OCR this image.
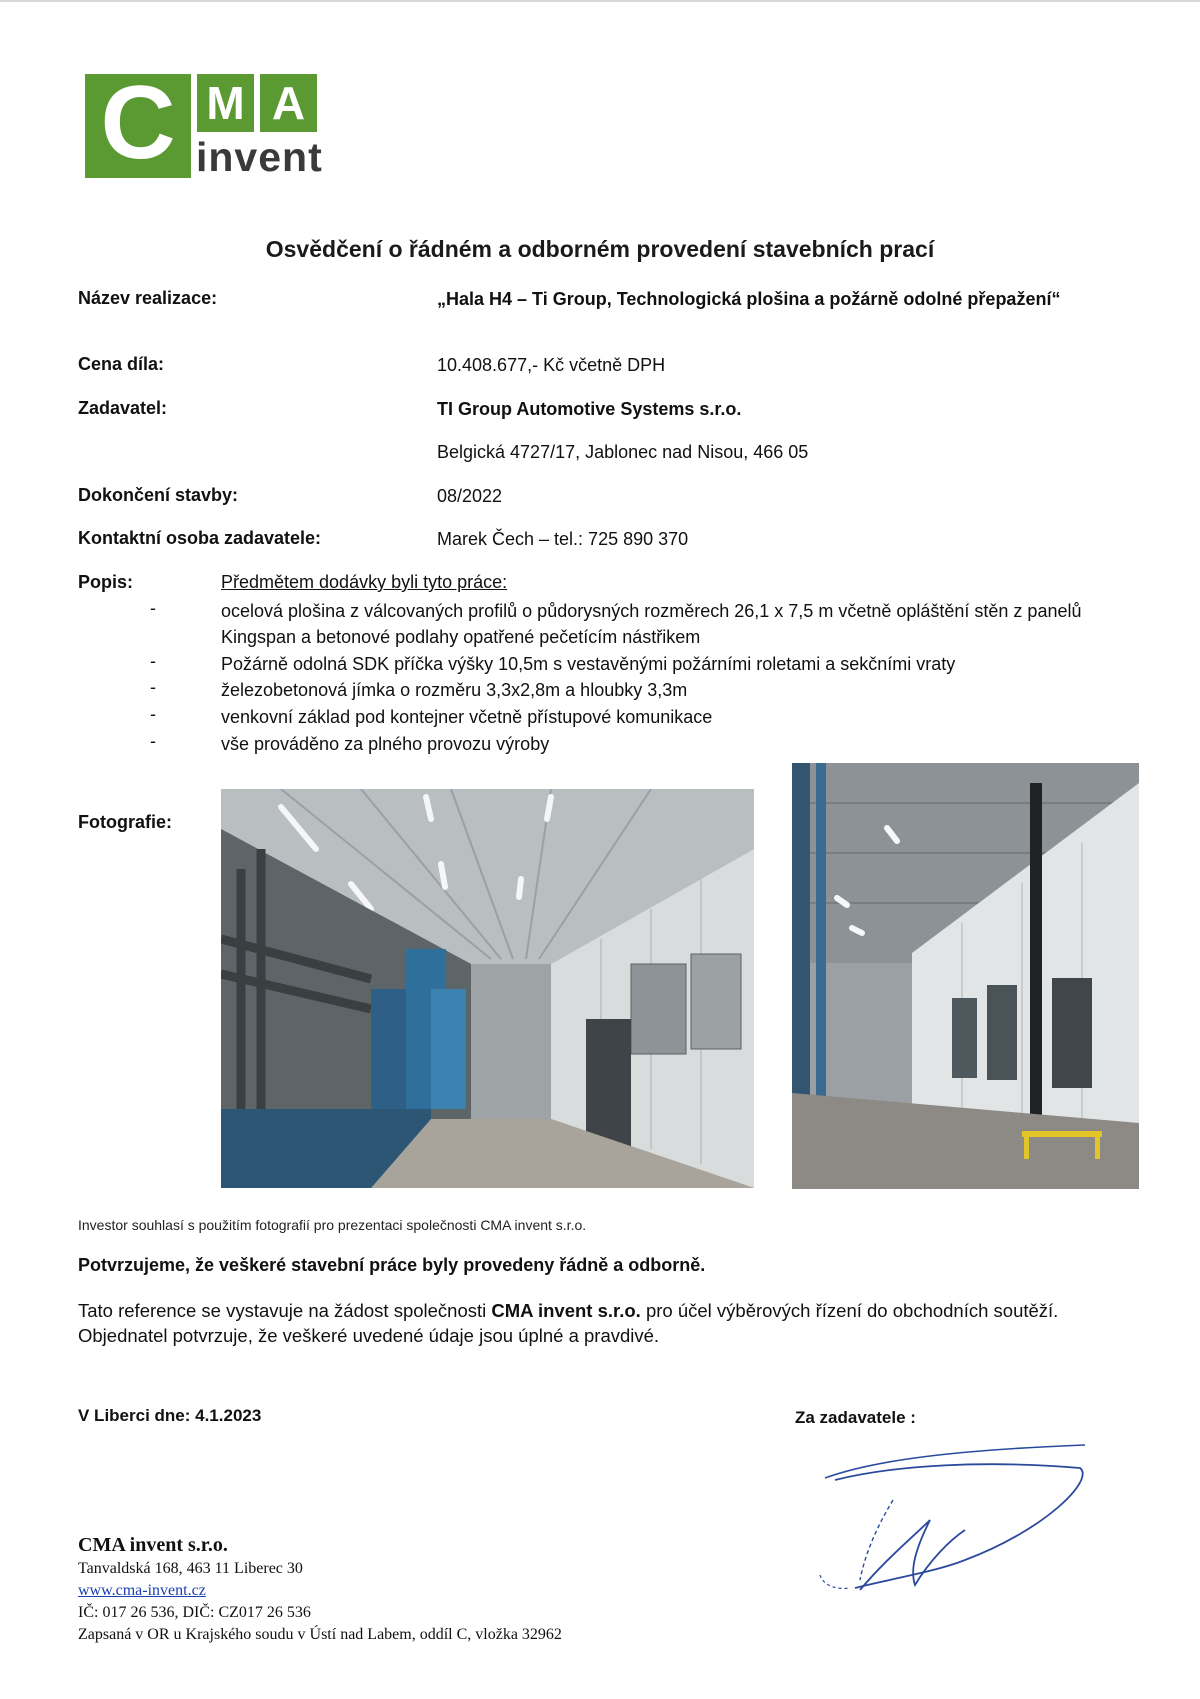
C M A
invent
Osvědčení o řádném a odborném provedení stavebních prací
Název realizace:	„Hala H4 – Ti Group, Technologická plošina a požárně odolné přepažení“
Cena díla:	10.408.677,- Kč včetně DPH
Zadavatel:	TI Group Automotive Systems s.r.o.
Belgická 4727/17, Jablonec nad Nisou, 466 05
Dokončení stavby:	08/2022
Kontaktní osoba zadavatele:	Marek Čech – tel.: 725 890 370
Popis:	Předmětem dodávky byli tyto práce:
-	ocelová plošina z válcovaných profilů o půdorysných rozměrech 26,1 x 7,5 m včetně opláštění stěn z panelů Kingspan a betonové podlahy opatřené pečetícím nástřikem
-	Požárně odolná SDK příčka výšky 10,5m s vestavěnými požárními roletami a sekčními vraty
-	železobetonová jímka o rozměru 3,3x2,8m a hloubky 3,3m
-	venkovní základ pod kontejner včetně přístupové komunikace
-	vše prováděno za plného provozu výroby
Fotografie:
Investor souhlasí s použitím fotografií pro prezentaci společnosti CMA invent s.r.o.
Potvrzujeme, že veškeré stavební práce byly provedeny řádně a odborně.
Tato reference se vystavuje na žádost společnosti CMA invent s.r.o. pro účel výběrových řízení do obchodních soutěží. Objednatel potvrzuje, že veškeré uvedené údaje jsou úplné a pravdivé.
V Liberci dne: 4.1.2023	Za zadavatele :
CMA invent s.r.o.
Tanvaldská 168, 463 11 Liberec 30
www.cma-invent.cz
IČ: 017 26 536, DIČ: CZ017 26 536
Zapsaná v OR u Krajského soudu v Ústí nad Labem, oddíl C, vložka 32962
